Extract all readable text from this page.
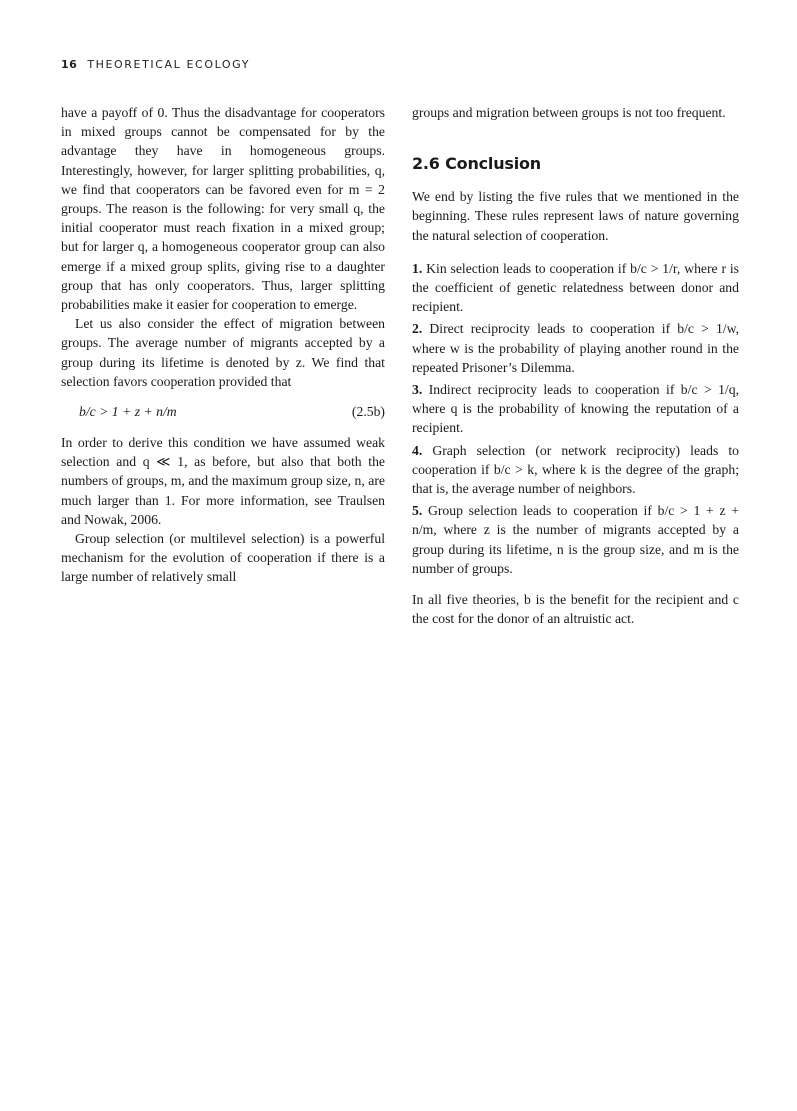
16 THEORETICAL ECOLOGY

have a payoff of 0. Thus the disadvantage for cooperators in mixed groups cannot be compensated for by the advantage they have in homogeneous groups. Interestingly, however, for larger splitting probabilities, q, we find that cooperators can be favored even for m = 2 groups. The reason is the following: for very small q, the initial cooperator must reach fixation in a mixed group; but for larger q, a homogeneous cooperator group can also emerge if a mixed group splits, giving rise to a daughter group that has only cooperators. Thus, larger splitting probabilities make it easier for cooperation to emerge.

Let us also consider the effect of migration between groups. The average number of migrants accepted by a group during its lifetime is denoted by z. We find that selection favors cooperation provided that

b/c > 1 + z + n/m	(2.5b)

In order to derive this condition we have assumed weak selection and q ≪ 1, as before, but also that both the numbers of groups, m, and the maximum group size, n, are much larger than 1. For more information, see Traulsen and Nowak, 2006.

Group selection (or multilevel selection) is a powerful mechanism for the evolution of cooperation if there is a large number of relatively small

groups and migration between groups is not too frequent.

2.6 Conclusion

We end by listing the five rules that we mentioned in the beginning. These rules represent laws of nature governing the natural selection of cooperation.

1. Kin selection leads to cooperation if b/c > 1/r, where r is the coefficient of genetic relatedness between donor and recipient.

2. Direct reciprocity leads to cooperation if b/c > 1/w, where w is the probability of playing another round in the repeated Prisoner’s Dilemma.

3. Indirect reciprocity leads to cooperation if b/c > 1/q, where q is the probability of knowing the reputation of a recipient.

4. Graph selection (or network reciprocity) leads to cooperation if b/c > k, where k is the degree of the graph; that is, the average number of neighbors.

5. Group selection leads to cooperation if b/c > 1 + z + n/m, where z is the number of migrants accepted by a group during its lifetime, n is the group size, and m is the number of groups.

In all five theories, b is the benefit for the recipient and c the cost for the donor of an altruistic act.
